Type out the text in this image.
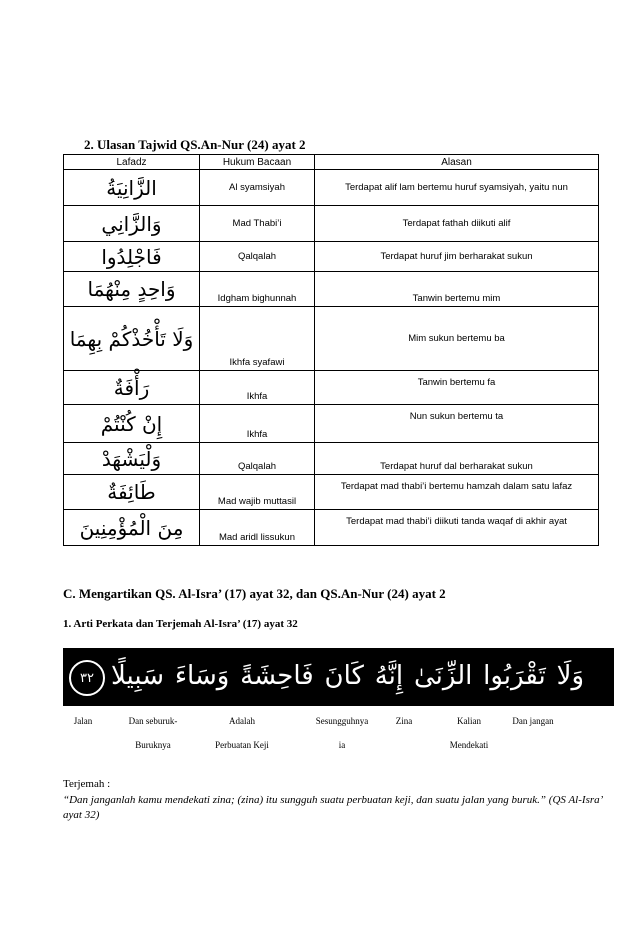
2. Ulasan Tajwid QS.An-Nur (24) ayat 2
Lafadz	Hukum Bacaan	Alasan
الزَّانِيَةُ	Al syamsiyah	Terdapat alif lam bertemu huruf syamsiyah, yaitu nun
وَالزَّانِي	Mad Thabi’i	Terdapat fathah diikuti alif
فَاجْلِدُوا	Qalqalah	Terdapat huruf jim berharakat sukun
وَاحِدٍ مِنْهُمَا	Idgham bighunnah	Tanwin bertemu mim
وَلَا تَأْخُذْكُمْ بِهِمَا	Ikhfa syafawi	Mim sukun bertemu ba
رَأْفَةٌ	Ikhfa	Tanwin bertemu fa
إِنْ كُنْتُمْ	Ikhfa	Nun sukun bertemu ta
وَلْيَشْهَدْ	Qalqalah	Terdapat huruf dal berharakat sukun
طَائِفَةٌ	Mad wajib muttasil	Terdapat mad thabi’i bertemu hamzah dalam satu lafaz
مِنَ الْمُؤْمِنِينَ	Mad aridl lissukun	Terdapat mad thabi’i diikuti tanda waqaf di akhir ayat
C. Mengartikan QS. Al-Isra’ (17) ayat 32, dan QS.An-Nur (24) ayat 2
1. Arti Perkata dan Terjemah Al-Isra’ (17) ayat 32
٣٢	وَلَا
تَقْرَبُوا
الزِّنَىٰ
إِنَّهُ
كَانَ
فَاحِشَةً
وَسَاءَ
سَبِيلًا
Jalan	Dan seburuk-
Buruknya
Adalah
Perbuatan Keji
Sesungguhnya
ia
Zina	Kalian
Mendekati
Dan jangan
Terjemah :
“Dan janganlah kamu mendekati zina; (zina) itu sungguh suatu perbuatan keji, dan suatu jalan yang buruk.” (QS Al-Isra’ ayat 32)
